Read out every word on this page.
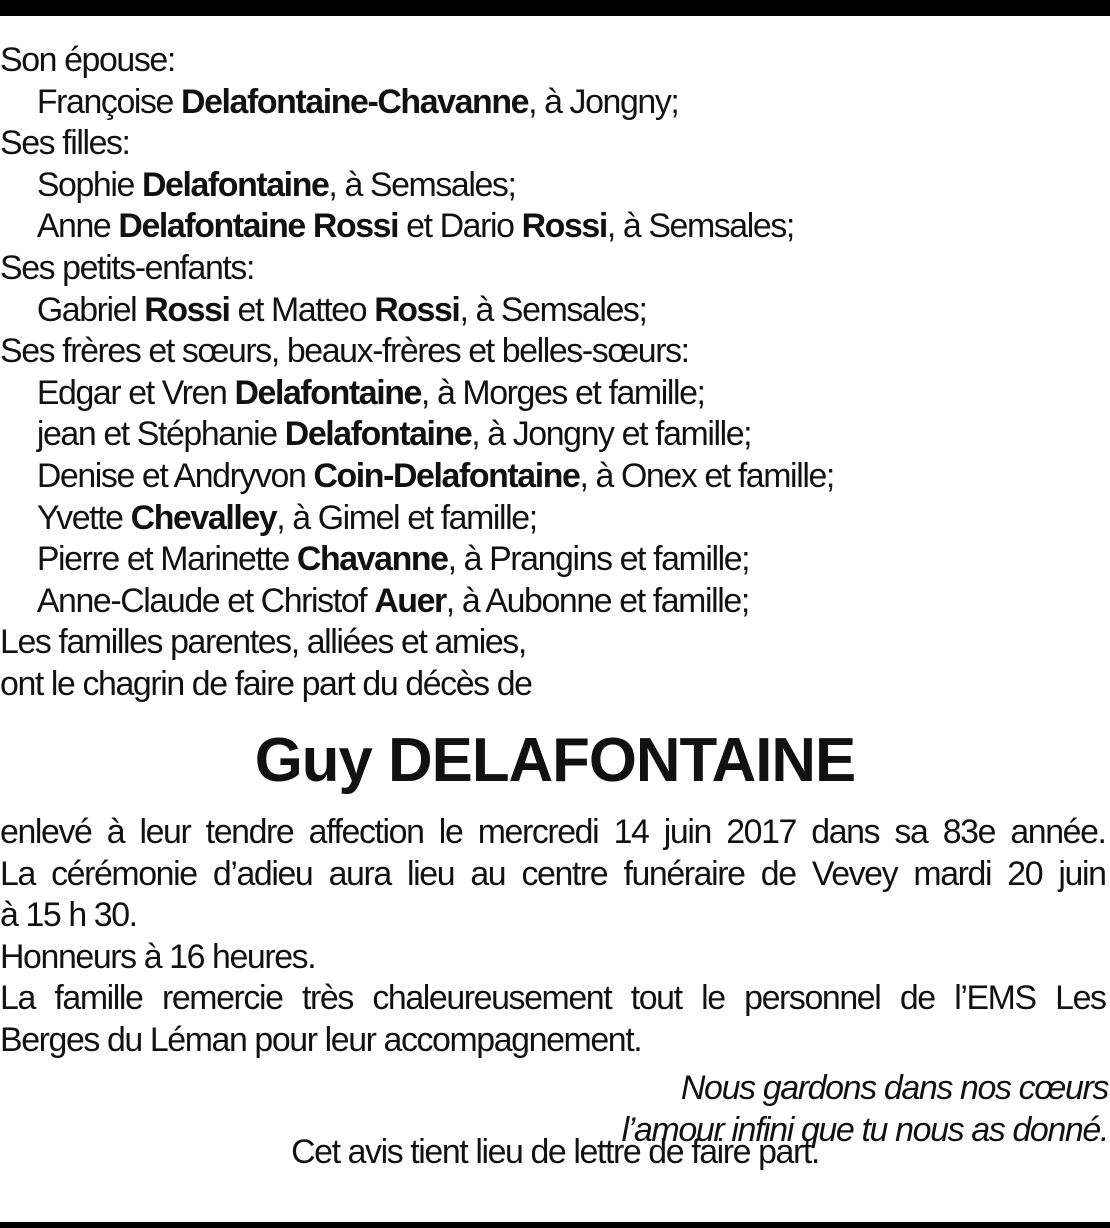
Son épouse:
Françoise Delafontaine-Chavanne, à Jongny;
Ses filles:
Sophie Delafontaine, à Semsales;
Anne Delafontaine Rossi et Dario Rossi, à Semsales;
Ses petits-enfants:
Gabriel Rossi et Matteo Rossi, à Semsales;
Ses frères et sœurs, beaux-frères et belles-sœurs:
Edgar et Vren Delafontaine, à Morges et famille;
jean et Stéphanie Delafontaine, à Jongny et famille;
Denise et Andryvon Coin-Delafontaine, à Onex et famille;
Yvette Chevalley, à Gimel et famille;
Pierre et Marinette Chavanne, à Prangins et famille;
Anne-Claude et Christof Auer, à Aubonne et famille;
Les familles parentes, alliées et amies,
ont le chagrin de faire part du décès de
Guy DELAFONTAINE
enlevé à leur tendre affection le mercredi 14 juin 2017 dans sa 83e année.
La cérémonie d’adieu aura lieu au centre funéraire de Vevey mardi 20 juin
à 15 h 30.
Honneurs à 16 heures.
La famille remercie très chaleureusement tout le personnel de l’EMS Les
Berges du Léman pour leur accompagnement.
Nous gardons dans nos cœurs
l’amour infini que tu nous as donné.
Cet avis tient lieu de lettre de faire part.
